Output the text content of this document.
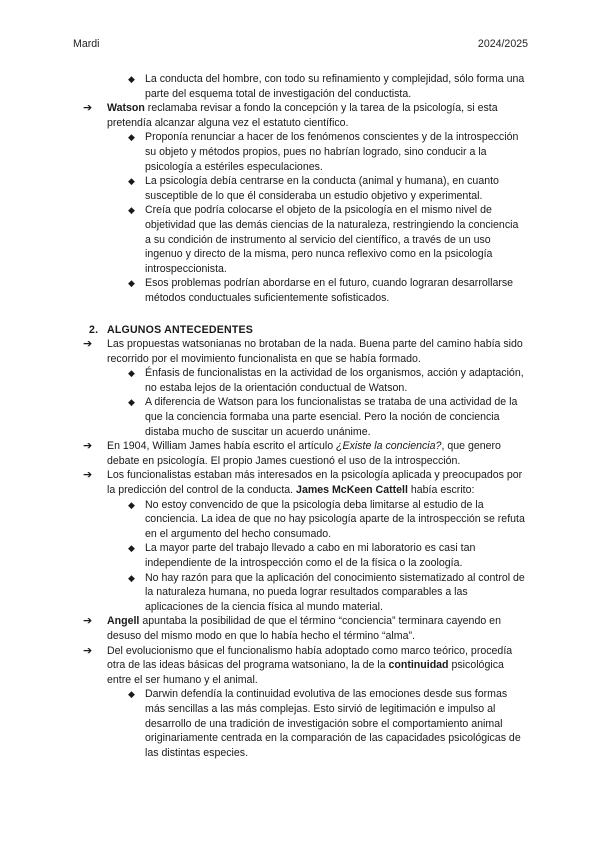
Mardi	2024/2025
◆ La conducta del hombre, con todo su refinamiento y complejidad, sólo forma una parte del esquema total de investigación del conductista.
➔ Watson reclamaba revisar a fondo la concepción y la tarea de la psicología, si esta pretendía alcanzar alguna vez el estatuto científico.
◆ Proponía renunciar a hacer de los fenómenos conscientes y de la introspección su objeto y métodos propios, pues no habrían logrado, sino conducir a la psicología a estériles especulaciones.
◆ La psicología debía centrarse en la conducta (animal y humana), en cuanto susceptible de lo que él consideraba un estudio objetivo y experimental.
◆ Creía que podría colocarse el objeto de la psicología en el mismo nivel de objetividad que las demás ciencias de la naturaleza, restringiendo la conciencia a su condición de instrumento al servicio del científico, a través de un uso ingenuo y directo de la misma, pero nunca reflexivo como en la psicología introspeccionista.
◆ Esos problemas podrían abordarse en el futuro, cuando lograran desarrollarse métodos conductuales suficientemente sofisticados.
2. ALGUNOS ANTECEDENTES
➔ Las propuestas watsonianas no brotaban de la nada. Buena parte del camino había sido recorrido por el movimiento funcionalista en que se había formado.
◆ Énfasis de funcionalistas en la actividad de los organismos, acción y adaptación, no estaba lejos de la orientación conductual de Watson.
◆ A diferencia de Watson para los funcionalistas se trataba de una actividad de la que la conciencia formaba una parte esencial. Pero la noción de conciencia distaba mucho de suscitar un acuerdo unánime.
➔ En 1904, William James había escrito el artículo ¿Existe la conciencia?, que genero debate en psicología. El propio James cuestionó el uso de la introspección.
➔ Los funcionalistas estaban más interesados en la psicología aplicada y preocupados por la predicción del control de la conducta. James McKeen Cattell había escrito:
◆ No estoy convencido de que la psicología deba limitarse al estudio de la conciencia. La idea de que no hay psicología aparte de la introspección se refuta en el argumento del hecho consumado.
◆ La mayor parte del trabajo llevado a cabo en mi laboratorio es casi tan independiente de la introspección como el de la física o la zoología.
◆ No hay razón para que la aplicación del conocimiento sistematizado al control de la naturaleza humana, no pueda lograr resultados comparables a las aplicaciones de la ciencia física al mundo material.
➔ Angell apuntaba la posibilidad de que el término “conciencia” terminara cayendo en desuso del mismo modo en que lo había hecho el término “alma”.
➔ Del evolucionismo que el funcionalismo había adoptado como marco teórico, procedía otra de las ideas básicas del programa watsoniano, la de la continuidad psicológica entre el ser humano y el animal.
◆ Darwin defendía la continuidad evolutiva de las emociones desde sus formas más sencillas a las más complejas. Esto sirvió de legitimación e impulso al desarrollo de una tradición de investigación sobre el comportamiento animal originariamente centrada en la comparación de las capacidades psicológicas de las distintas especies.
